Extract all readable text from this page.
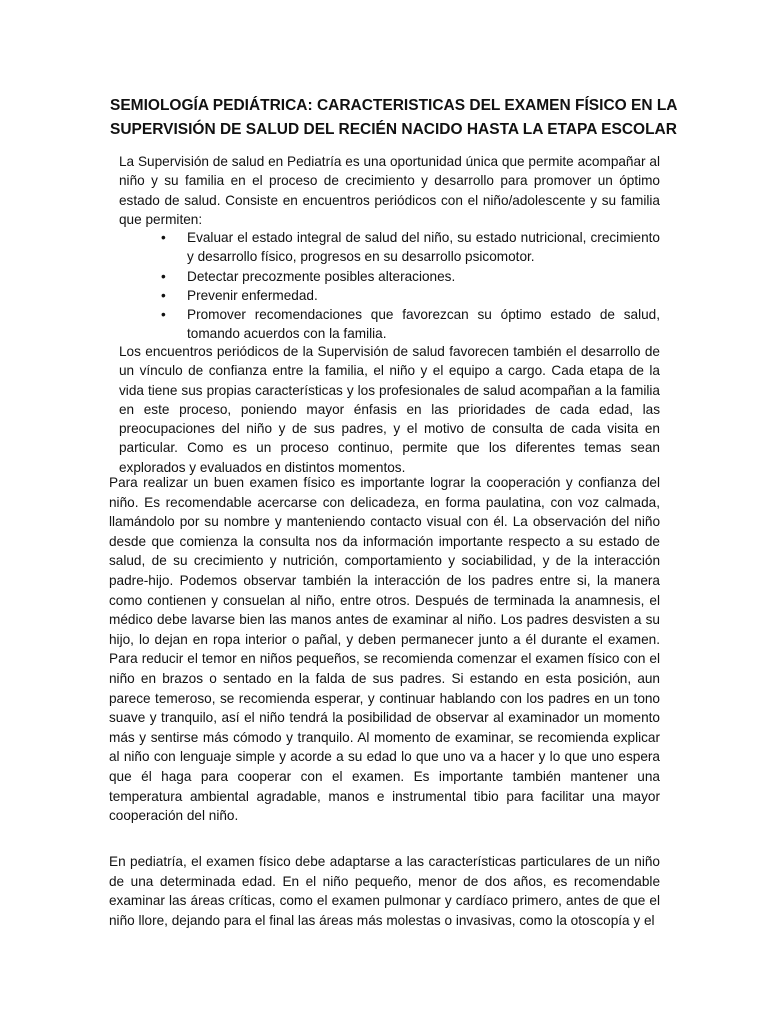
SEMIOLOGÍA PEDIÁTRICA: CARACTERISTICAS DEL EXAMEN FÍSICO EN LA
SUPERVISIÓN DE SALUD DEL RECIÉN NACIDO HASTA LA ETAPA ESCOLAR

La Supervisión de salud en Pediatría es una oportunidad única que permite acompañar al niño y su familia en el proceso de crecimiento y desarrollo para promover un óptimo estado de salud. Consiste en encuentros periódicos con el niño/adolescente y su familia que permiten:

• Evaluar el estado integral de salud del niño, su estado nutricional, crecimiento y desarrollo físico, progresos en su desarrollo psicomotor.
• Detectar precozmente posibles alteraciones.
• Prevenir enfermedad.
• Promover recomendaciones que favorezcan su óptimo estado de salud, tomando acuerdos con la familia.

Los encuentros periódicos de la Supervisión de salud favorecen también el desarrollo de un vínculo de confianza entre la familia, el niño y el equipo a cargo. Cada etapa de la vida tiene sus propias características y los profesionales de salud acompañan a la familia en este proceso, poniendo mayor énfasis en las prioridades de cada edad, las preocupaciones del niño y de sus padres, y el motivo de consulta de cada visita en particular. Como es un proceso continuo, permite que los diferentes temas sean explorados y evaluados en distintos momentos.

Para realizar un buen examen físico es importante lograr la cooperación y confianza del niño. Es recomendable acercarse con delicadeza, en forma paulatina, con voz calmada, llamándolo por su nombre y manteniendo contacto visual con él. La observación del niño desde que comienza la consulta nos da información importante respecto a su estado de salud, de su crecimiento y nutrición, comportamiento y sociabilidad, y de la interacción padre-hijo. Podemos observar también la interacción de los padres entre si, la manera como contienen y consuelan al niño, entre otros. Después de terminada la anamnesis, el médico debe lavarse bien las manos antes de examinar al niño. Los padres desvisten a su hijo, lo dejan en ropa interior o pañal, y deben permanecer junto a él durante el examen. Para reducir el temor en niños pequeños, se recomienda comenzar el examen físico con el niño en brazos o sentado en la falda de sus padres. Si estando en esta posición, aun parece temeroso, se recomienda esperar, y continuar hablando con los padres en un tono suave y tranquilo, así el niño tendrá la posibilidad de observar al examinador un momento más y sentirse más cómodo y tranquilo. Al momento de examinar, se recomienda explicar al niño con lenguaje simple y acorde a su edad lo que uno va a hacer y lo que uno espera que él haga para cooperar con el examen. Es importante también mantener una temperatura ambiental agradable, manos e instrumental tibio para facilitar una mayor cooperación del niño.

En pediatría, el examen físico debe adaptarse a las características particulares de un niño de una determinada edad. En el niño pequeño, menor de dos años, es recomendable examinar las áreas críticas, como el examen pulmonar y cardíaco primero, antes de que el niño llore, dejando para el final las áreas más molestas o invasivas, como la otoscopía y el
